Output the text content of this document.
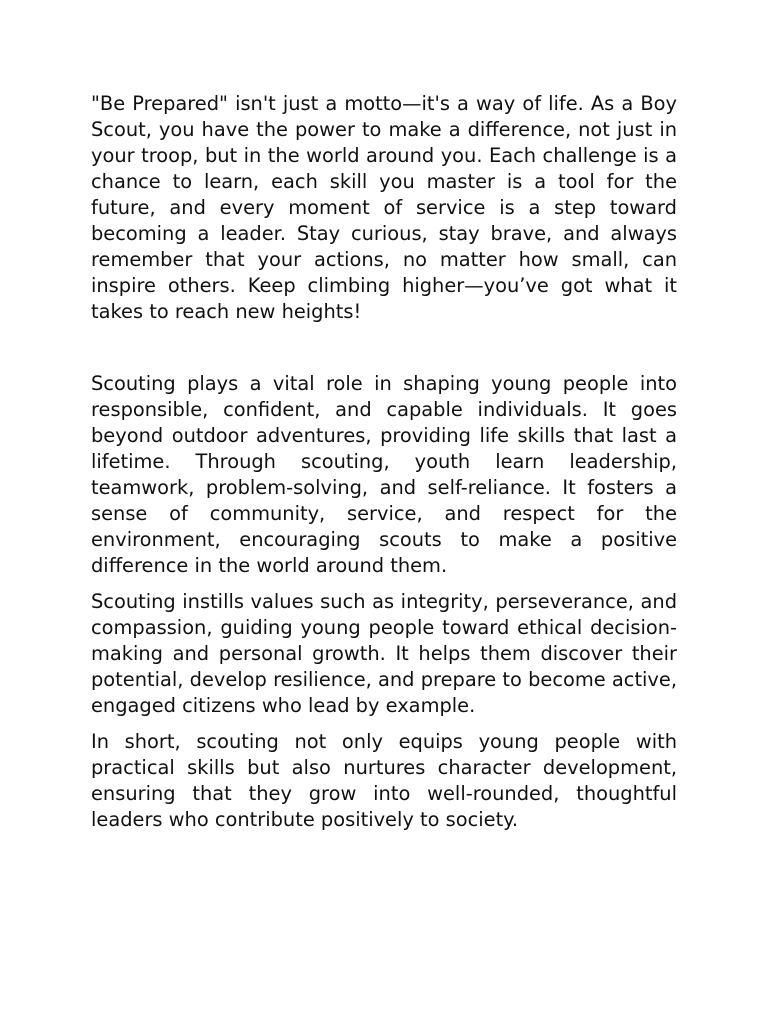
"Be Prepared" isn't just a motto—it's a way of life. As a Boy Scout, you have the power to make a difference, not just in your troop, but in the world around you. Each challenge is a chance to learn, each skill you master is a tool for the future, and every moment of service is a step toward becoming a leader. Stay curious, stay brave, and always remember that your actions, no matter how small, can inspire others. Keep climbing higher—you’ve got what it takes to reach new heights!

Scouting plays a vital role in shaping young people into responsible, confident, and capable individuals. It goes beyond outdoor adventures, providing life skills that last a lifetime. Through scouting, youth learn leadership, teamwork, problem-solving, and self-reliance. It fosters a sense of community, service, and respect for the environment, encouraging scouts to make a positive difference in the world around them.

Scouting instills values such as integrity, perseverance, and compassion, guiding young people toward ethical decision-making and personal growth. It helps them discover their potential, develop resilience, and prepare to become active, engaged citizens who lead by example.

In short, scouting not only equips young people with practical skills but also nurtures character development, ensuring that they grow into well-rounded, thoughtful leaders who contribute positively to society.
